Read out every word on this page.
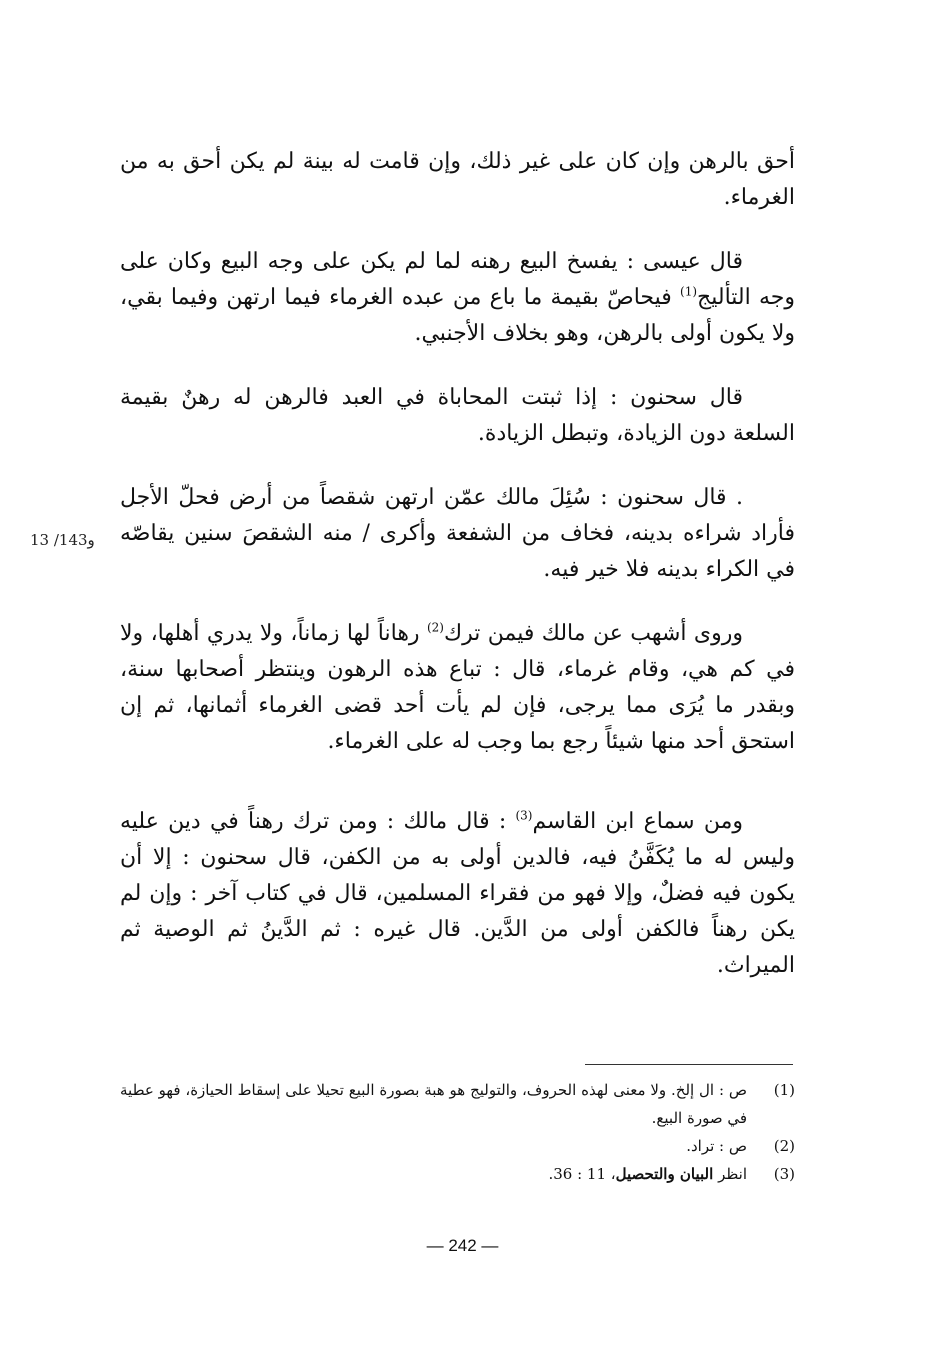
أحق بالرهن وإن كان على غير ذلك، وإن قامت له بينة لم يكن أحق به من الغرماء.

قال عيسى : يفسخ البيع رهنه لما لم يكن على وجه البيع وكان على وجه التأليج$^{(1)}$ فيحاصّ بقيمة ما باع من عبده الغرماء فيما ارتهن وفيما بقي، ولا يكون أولى بالرهن، وهو بخلاف الأجنبي.

قال سحنون : إذا ثبتت المحاباة في العبد فالرهن له رهنٌ بقيمة السلعة دون الزيادة، وتبطل الزيادة.

. قال سحنون : سُئِلَ مالك عمّن ارتهن شقصاً من أرض فحلّ الأجل فأراد شراءه بدينه، فخاف من الشفعة وأكرى / منه الشقصَ سنين يقاصّه في الكراء بدينه فلا خير فيه.

13 /143و

وروى أشهب عن مالك فيمن ترك$^{(2)}$ رهاناً لها زماناً، ولا يدري أهلها، ولا في كم هي، وقام غرماء، قال : تباع هذه الرهون وينتظر أصحابها سنة، وبقدر ما يُرَى مما يرجى، فإن لم يأت أحد قضى الغرماء أثمانها، ثم إن استحق أحد منها شيئاً رجع بما وجب له على الغرماء.

ومن سماع ابن القاسم$^{(3)}$ : قال مالك : ومن ترك رهناً في دين عليه وليس له ما يُكَفَّنُ فيه، فالدين أولى به من الكفن، قال سحنون : إلا أن يكون فيه فضلٌ، وإلا فهو من فقراء المسلمين، قال في كتاب آخر : وإن لم يكن رهناً فالكفن أولى من الدَّين. قال غيره : ثم الدَّينُ ثم الوصية ثم الميراث.

(1)
ص : ال إلخ. ولا معنى لهذه الحروف، والتوليج هو هبة بصورة البيع تحيلا على إسقاط الحيازة، فهو عطية في صورة البيع.
(2)
ص : تراد.
(3)
انظر البيان والتحصيل، 11 : 36.
— 242 —
